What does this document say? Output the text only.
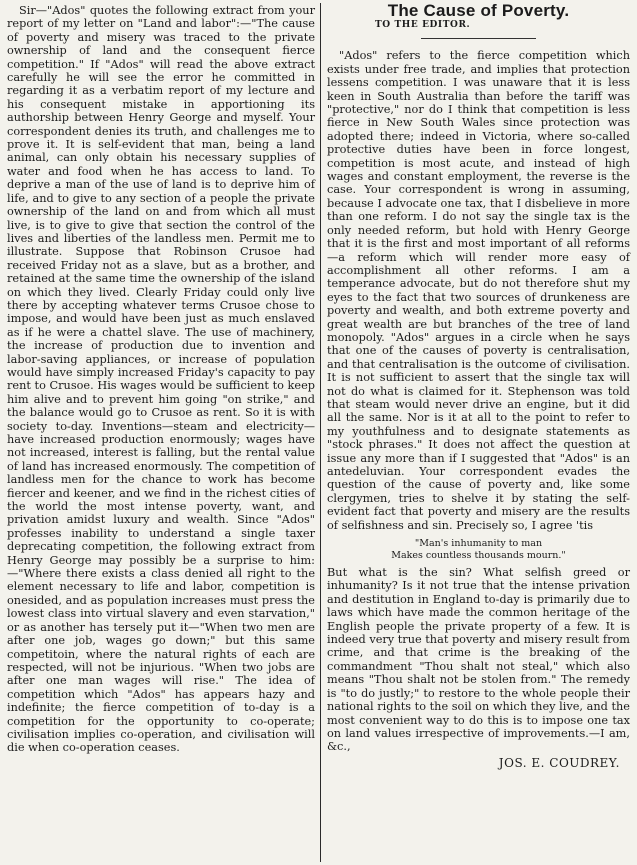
Sir—"Ados" quotes the following extract from your report of my letter on "Land and labor":—"The cause of poverty and misery was traced to the private ownership of land and the consequent fierce competition." If "Ados" will read the above extract carefully he will see the error he committed in regarding it as a verbatim report of my lecture and his consequent mistake in apportioning its authorship between Henry George and myself. Your correspondent denies its truth, and challenges me to prove it. It is self-evident that man, being a land animal, can only obtain his necessary supplies of water and food when he has access to land. To deprive a man of the use of land is to deprive him of life, and to give to any section of a people the private ownership of the land on and from which all must live, is to give to give that section the control of the lives and liberties of the landless men. Permit me to illustrate. Suppose that Robinson Crusoe had received Friday not as a slave, but as a brother, and retained at the same time the ownership of the island on which they lived. Clearly Friday could only live there by accepting whatever terms Crusoe chose to impose, and would have been just as much enslaved as if he were a chattel slave. The use of machinery, the increase of production due to invention and labor-saving appliances, or increase of population would have simply increased Friday's capacity to pay rent to Crusoe. His wages would be sufficient to keep him alive and to prevent him going "on strike," and the balance would go to Crusoe as rent. So it is with society to-day. Inventions—steam and electricity—have increased production enormously; wages have not increased, interest is falling, but the rental value of land has increased enormously. The competition of landless men for the chance to work has become fiercer and keener, and we find in the richest cities of the world the most intense poverty, want, and privation amidst luxury and wealth. Since "Ados" professes inability to understand a single taxer deprecating competition, the following extract from Henry George may possibly be a surprise to him:—"Where there exists a class denied all right to the element necessary to life and labor, competition is onesided, and as population increases must press the lowest class into virtual slavery and even starvation," or as another has tersely put it—"When two men are after one job, wages go down;" but this same competitoin, where the natural rights of each are respected, will not be injurious. "When two jobs are after one man wages will rise." The idea of competition which "Ados" has appears hazy and indefinite; the fierce competition of to-day is a competition for the opportunity to co-operate; civilisation implies co-operation, and civilisation will die when co-operation ceases.

The Cause of Poverty.
TO THE EDITOR.

"Ados" refers to the fierce competition which exists under free trade, and implies that protection lessens competition. I was unaware that it is less keen in South Australia than before the tariff was "protective," nor do I think that competition is less fierce in New South Wales since protection was adopted there; indeed in Victoria, where so-called protective duties have been in force longest, competition is most acute, and instead of high wages and constant employment, the reverse is the case. Your correspondent is wrong in assuming, because I advocate one tax, that I disbelieve in more than one reform. I do not say the single tax is the only needed reform, but hold with Henry George that it is the first and most important of all reforms—a reform which will render more easy of accomplishment all other reforms. I am a temperance advocate, but do not therefore shut my eyes to the fact that two sources of drunkeness are poverty and wealth, and both extreme poverty and great wealth are but branches of the tree of land monopoly. "Ados" argues in a circle when he says that one of the causes of poverty is centralisation, and that centralisation is the outcome of civilisation. It is not sufficient to assert that the single tax will not do what is claimed for it. Stephenson was told that steam would never drive an engine, but it did all the same. Nor is it at all to the point to refer to my youthfulness and to designate statements as "stock phrases." It does not affect the question at issue any more than if I suggested that "Ados" is an antedeluvian. Your correspondent evades the question of the cause of poverty and, like some clergymen, tries to shelve it by stating the self-evident fact that poverty and misery are the results of selfishness and sin. Precisely so, I agree 'tis

"Man's inhumanity to man
Makes countless thousands mourn."

But what is the sin? What selfish greed or inhumanity? Is it not true that the intense privation and destitution in England to-day is primarily due to laws which have made the common heritage of the English people the private property of a few. It is indeed very true that poverty and misery result from crime, and that crime is the breaking of the commandment "Thou shalt not steal," which also means "Thou shalt not be stolen from." The remedy is "to do justly;" to restore to the whole people their national rights to the soil on which they live, and the most convenient way to do this is to impose one tax on land values irrespective of improvements.—I am, &c.,

JOS. E. COUDREY.
